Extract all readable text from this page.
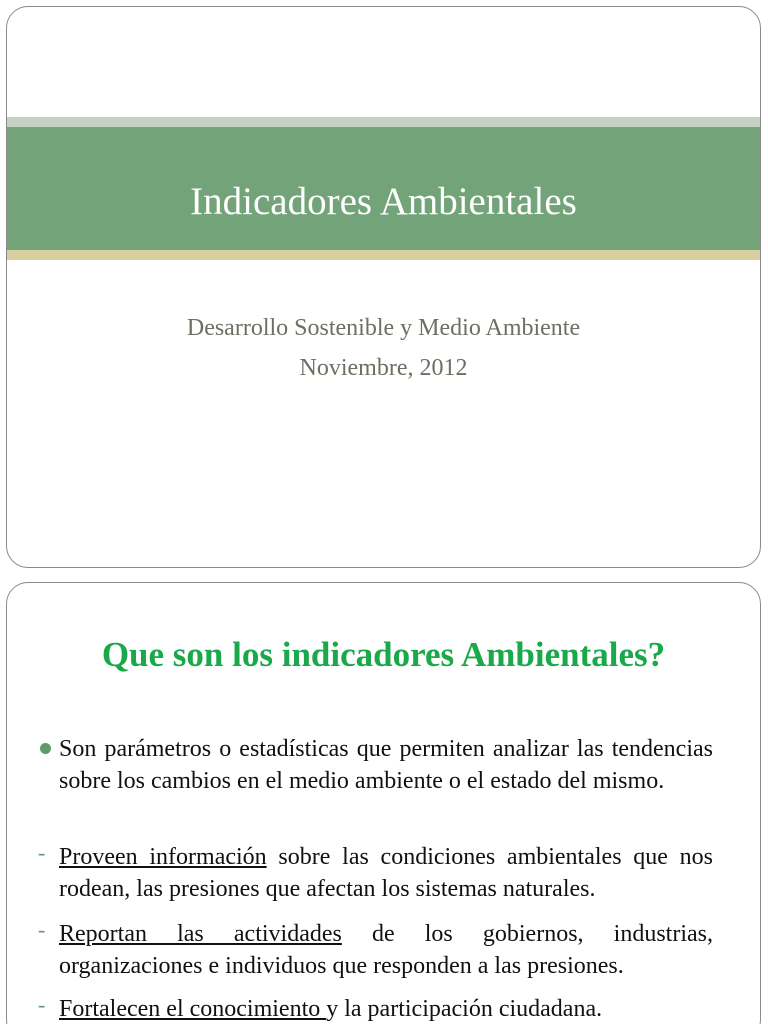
Indicadores Ambientales
Desarrollo Sostenible y Medio Ambiente
Noviembre, 2012
Que son los indicadores Ambientales?
Son parámetros o estadísticas que permiten analizar las tendencias sobre los cambios en el medio ambiente o el estado del mismo.
- Proveen información sobre las condiciones ambientales que nos rodean, las presiones que afectan los sistemas naturales.
- Reportan las actividades de los gobiernos, industrias, organizaciones e individuos que responden a las presiones.
- Fortalecen el conocimiento y la participación ciudadana.
